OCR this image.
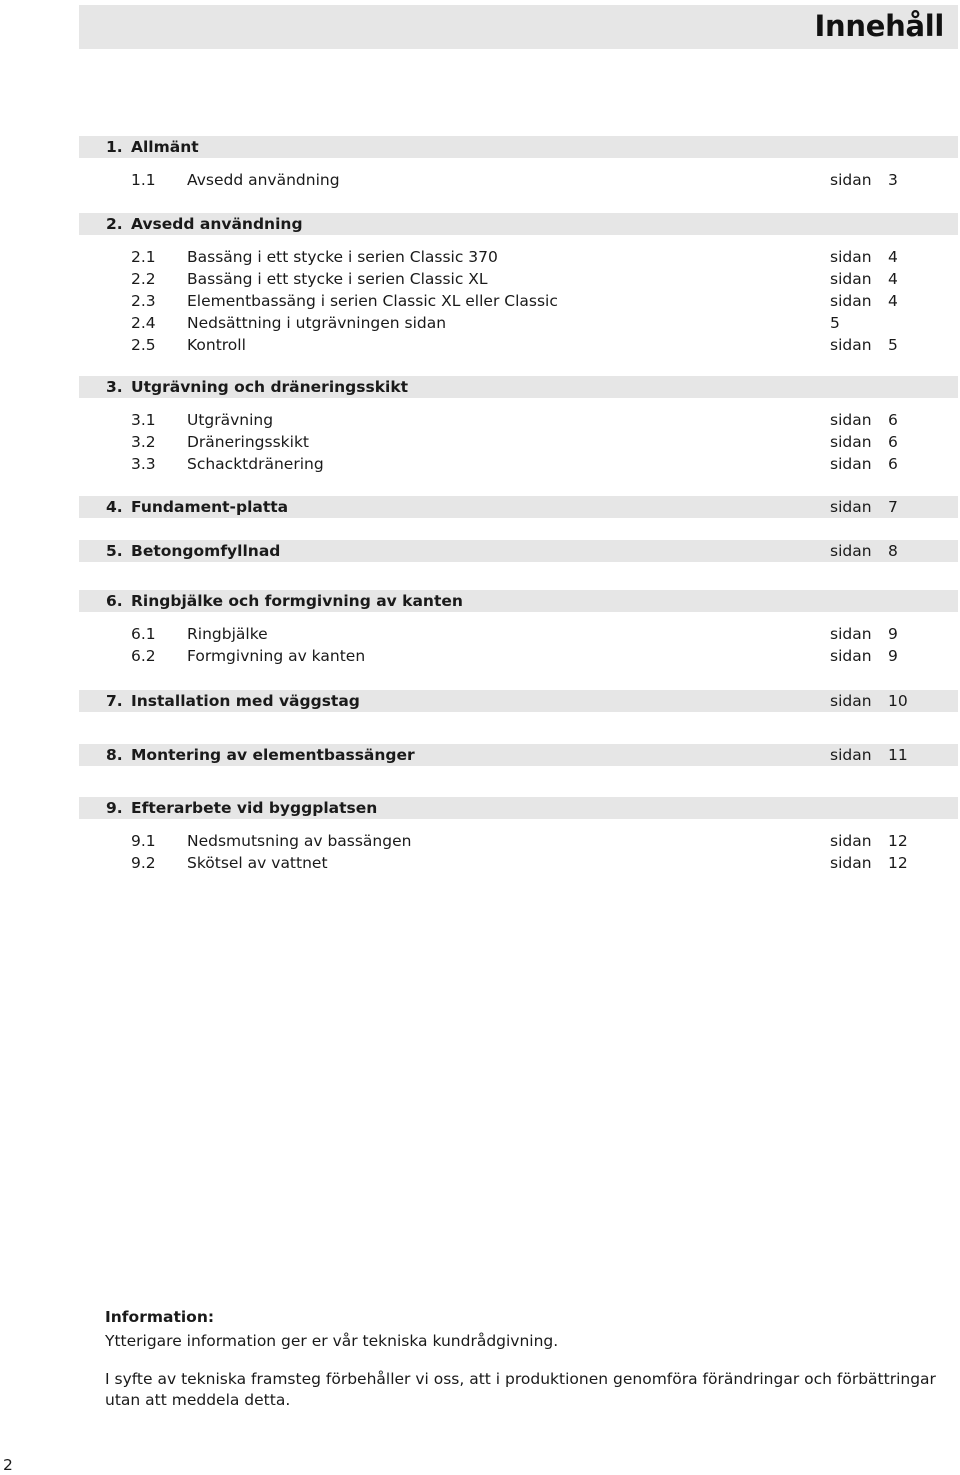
Innehåll
1. Allmänt
1.1 Avsedd användning	sidan 3
2. Avsedd användning
2.1 Bassäng i ett stycke i serien Classic 370	sidan 4
2.2 Bassäng i ett stycke i serien Classic XL	sidan 4
2.3 Elementbassäng i serien Classic XL eller Classic	sidan 4
2.4 Nedsättning i utgrävningen sidan	5
2.5 Kontroll	sidan 5
3. Utgrävning och dräneringsskikt
3.1 Utgrävning	sidan 6
3.2 Dräneringsskikt	sidan 6
3.3 Schacktdränering	sidan 6
4. Fundament-platta	sidan 7
5. Betongomfyllnad	sidan 8
6. Ringbjälke och formgivning av kanten
6.1 Ringbjälke	sidan 9
6.2 Formgivning av kanten	sidan 9
7. Installation med väggstag	sidan 10
8. Montering av elementbassänger	sidan 11
9. Efterarbete vid byggplatsen
9.1 Nedsmutsning av bassängen	sidan 12
9.2 Skötsel av vattnet	sidan 12
Information:
Ytterigare information ger er vår tekniska kundrådgivning.
I syfte av tekniska framsteg förbehåller vi oss, att i produktionen genomföra förändringar och förbättringar utan att meddela detta.
2
